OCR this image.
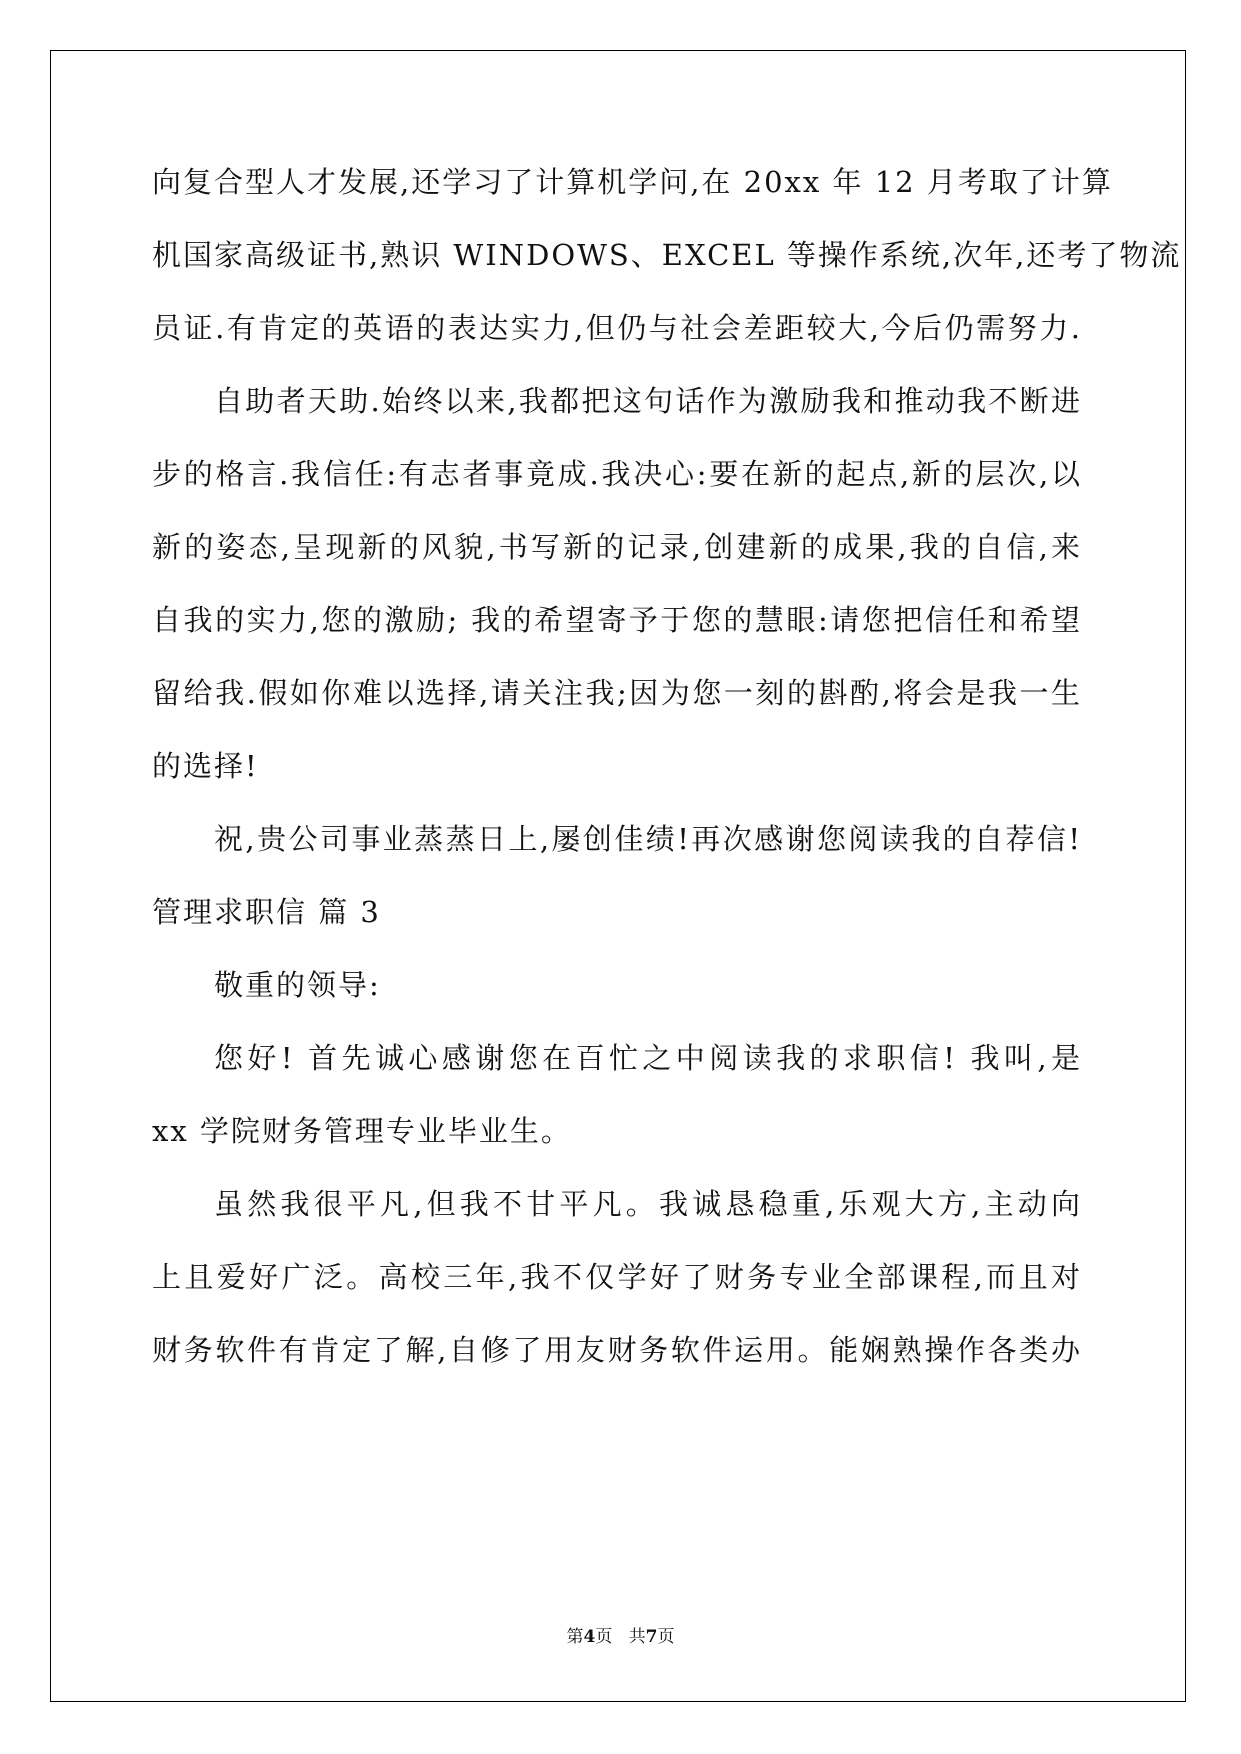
向复合型人才发展,还学习了计算机学问,在 20xx 年 12 月考取了计算
机国家高级证书,熟识 WINDOWS、EXCEL 等操作系统,次年,还考了物流
员证.有肯定的英语的表达实力,但仍与社会差距较大,今后仍需努力.
自助者天助.始终以来,我都把这句话作为激励我和推动我不断进
步的格言.我信任:有志者事竟成.我决心:要在新的起点,新的层次,以
新的姿态,呈现新的风貌,书写新的记录,创建新的成果,我的自信,来
自我的实力,您的激励; 我的希望寄予于您的慧眼:请您把信任和希望
留给我.假如你难以选择,请关注我;因为您一刻的斟酌,将会是我一生
的选择!
祝,贵公司事业蒸蒸日上,屡创佳绩!再次感谢您阅读我的自荐信!
管理求职信 篇 3
敬重的领导:
您好! 首先诚心感谢您在百忙之中阅读我的求职信! 我叫,是
xx 学院财务管理专业毕业生。
虽然我很平凡,但我不甘平凡。我诚恳稳重,乐观大方,主动向
上且爱好广泛。高校三年,我不仅学好了财务专业全部课程,而且对
财务软件有肯定了解,自修了用友财务软件运用。能娴熟操作各类办
第4页 共7页
